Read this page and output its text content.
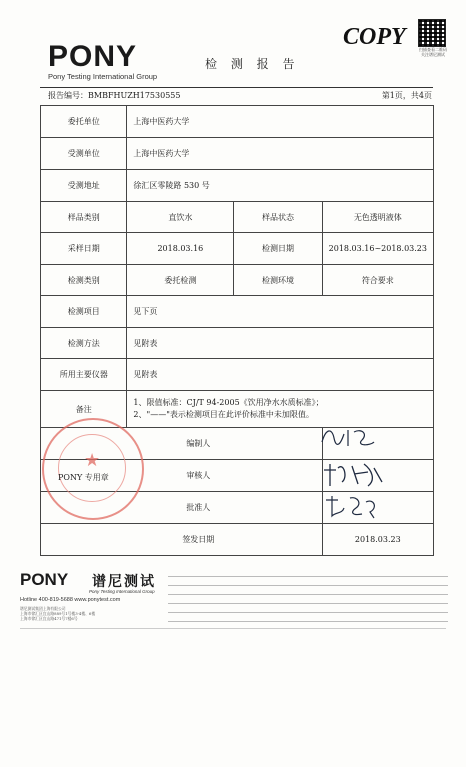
PONY
Pony Testing International Group
检 测 报 告
COPY	扫描查看二维码
关注谱尼测试
报告编号：BMBFHUZH17530555	第1页，共4页
委托单位	上海中医药大学		
受测单位	上海中医药大学		
受测地址	徐汇区零陵路 530 号		
样品类别	直饮水	样品状态	无色透明液体
采样日期	2018.03.16	检测日期	2018.03.16~2018.03.23
检测类别	委托检测	检测环境	符合要求
检测项目	见下页		
检测方法	见附表		
所用主要仪器	见附表		
备注	1、限值标准：CJ/T 94-2005《饮用净水水质标准》；
2、"——"表示检测项目在此评价标准中未加限值。		

编制人			
审核人			
批准人			
签发日期			2018.03.23
★
PONY 专用章
PONY 谱尼测试
Pony Testing International Group
Hotline 400-819-5688 www.ponytest.com
谱尼测试集团上海有限公司
上海市徐汇区宜山路889号1号楼3-4楼、6楼
上海市徐汇区宜山路471号7楼6号
